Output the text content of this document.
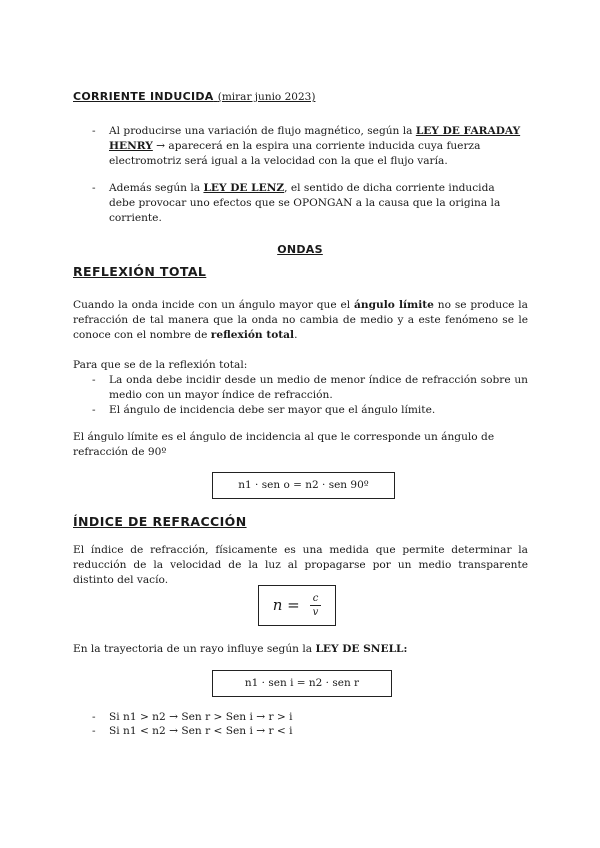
CORRIENTE INDUCIDA (mirar junio 2023)
- Al producirse una variación de flujo magnético, según la LEY DE FARADAY HENRY → aparecerá en la espira una corriente inducida cuya fuerza electromotriz será igual a la velocidad con la que el flujo varía.
- Además según la LEY DE LENZ, el sentido de dicha corriente inducida debe provocar uno efectos que se OPONGAN a la causa que la origina la corriente.
ONDAS
REFLEXIÓN TOTAL
Cuando la onda incide con un ángulo mayor que el ángulo límite no se produce la refracción de tal manera que la onda no cambia de medio y a este fenómeno se le conoce con el nombre de reflexión total.
Para que se de la reflexión total:
- La onda debe incidir desde un medio de menor índice de refracción sobre un medio con un mayor índice de refracción.
- El ángulo de incidencia debe ser mayor que el ángulo límite.
El ángulo límite es el ángulo de incidencia al que le corresponde un ángulo de refracción de 90º
n1 · sen o = n2 · sen 90º
ÍNDICE DE REFRACCIÓN
El índice de refracción, físicamente es una medida que permite determinar la reducción de la velocidad de la luz al propagarse por un medio transparente distinto del vacío.
$n = \frac{c}{v}$
En la trayectoria de un rayo influye según la LEY DE SNELL:
n1 · sen i = n2 · sen r
- Si n1 > n2 → Sen r > Sen i → r > i
- Si n1 < n2 → Sen r < Sen i → r < i
